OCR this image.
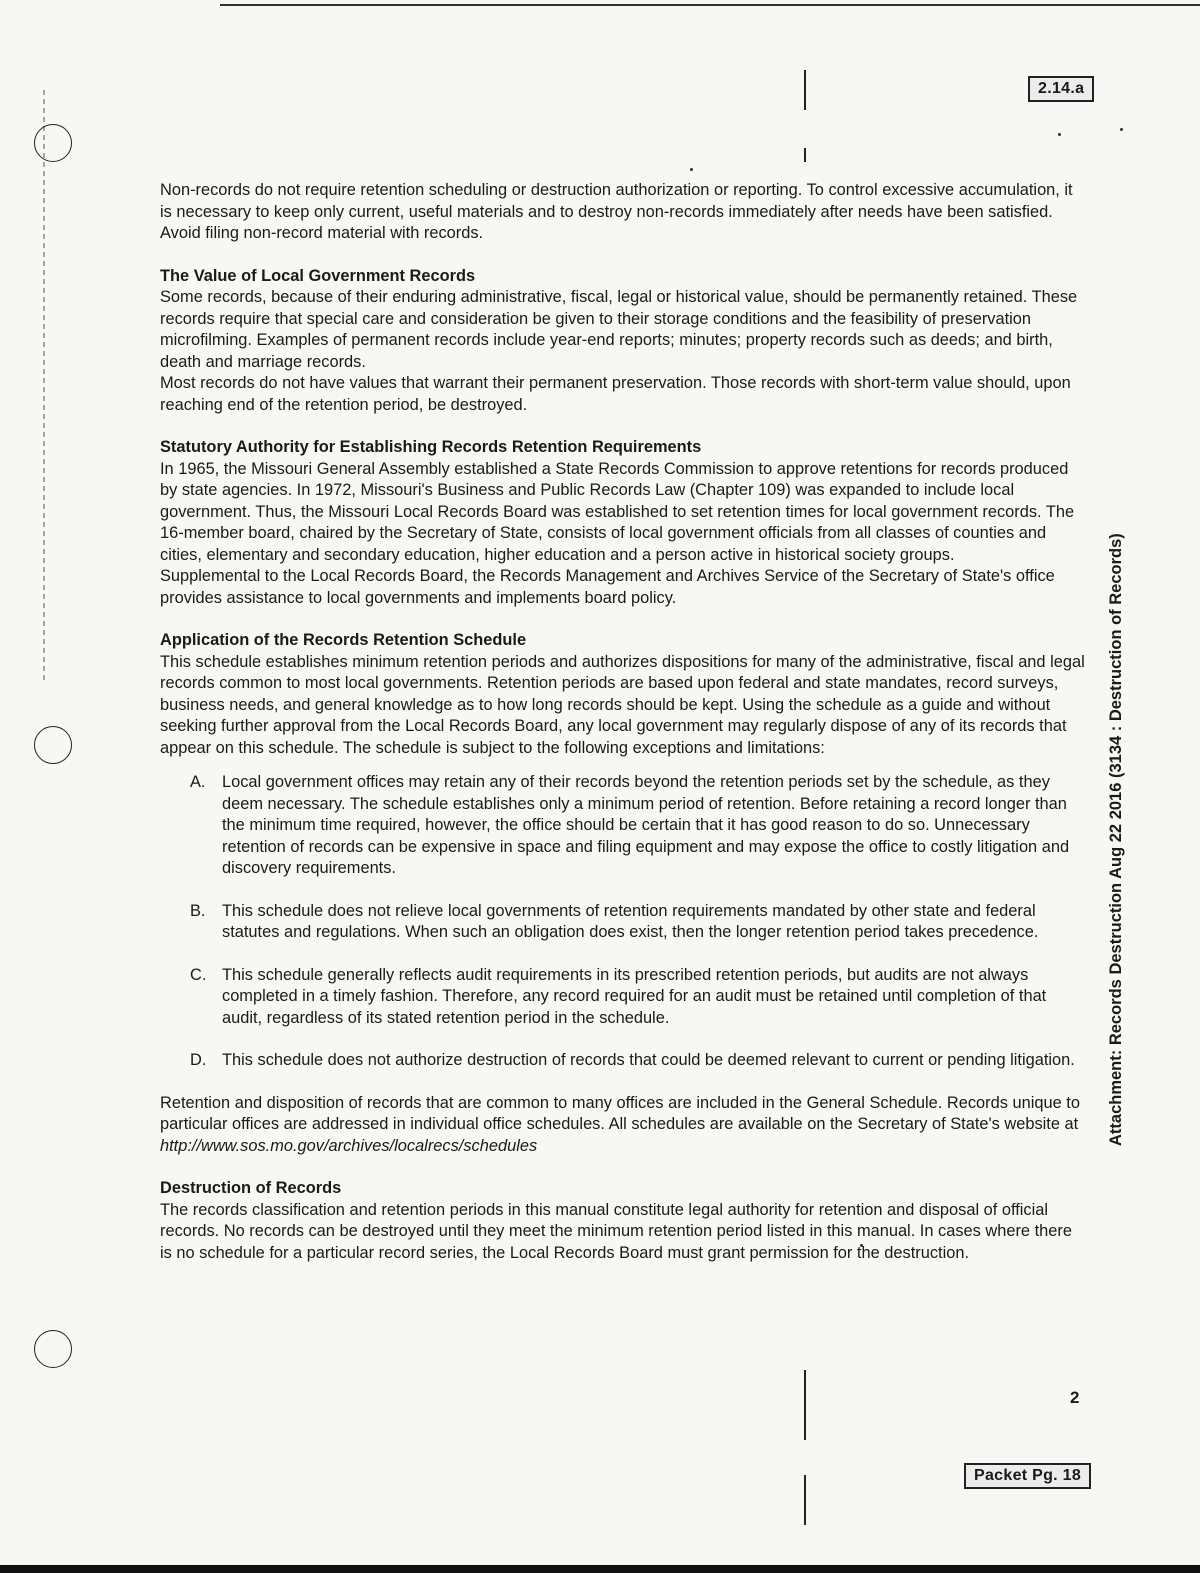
2.14.a
Packet Pg. 18
2
Attachment: Records Destruction Aug 22 2016 (3134 : Destruction of Records)

Non-records do not require retention scheduling or destruction authorization or reporting. To control excessive accumulation, it is necessary to keep only current, useful materials and to destroy non-records immediately after needs have been satisfied. Avoid filing non-record material with records.

The Value of Local Government Records

Some records, because of their enduring administrative, fiscal, legal or historical value, should be permanently retained. These records require that special care and consideration be given to their storage conditions and the feasibility of preservation microfilming. Examples of permanent records include year-end reports; minutes; property records such as deeds; and birth, death and marriage records.

Most records do not have values that warrant their permanent preservation. Those records with short-term value should, upon reaching end of the retention period, be destroyed.

Statutory Authority for Establishing Records Retention Requirements

In 1965, the Missouri General Assembly established a State Records Commission to approve retentions for records produced by state agencies. In 1972, Missouri's Business and Public Records Law (Chapter 109) was expanded to include local government. Thus, the Missouri Local Records Board was established to set retention times for local government records. The 16-member board, chaired by the Secretary of State, consists of local government officials from all classes of counties and cities, elementary and secondary education, higher education and a person active in historical society groups.

Supplemental to the Local Records Board, the Records Management and Archives Service of the Secretary of State's office provides assistance to local governments and implements board policy.

Application of the Records Retention Schedule

This schedule establishes minimum retention periods and authorizes dispositions for many of the administrative, fiscal and legal records common to most local governments. Retention periods are based upon federal and state mandates, record surveys, business needs, and general knowledge as to how long records should be kept. Using the schedule as a guide and without seeking further approval from the Local Records Board, any local government may regularly dispose of any of its records that appear on this schedule. The schedule is subject to the following exceptions and limitations:

A.	Local government offices may retain any of their records beyond the retention periods set by the schedule, as they deem necessary. The schedule establishes only a minimum period of retention. Before retaining a record longer than the minimum time required, however, the office should be certain that it has good reason to do so. Unnecessary retention of records can be expensive in space and filing equipment and may expose the office to costly litigation and discovery requirements.
B.	This schedule does not relieve local governments of retention requirements mandated by other state and federal statutes and regulations. When such an obligation does exist, then the longer retention period takes precedence.
C. This schedule generally reflects audit requirements in its prescribed retention periods, but audits are not always completed in a timely fashion. Therefore, any record required for an audit must be retained until completion of that audit, regardless of its stated retention period in the schedule.
D. This schedule does not authorize destruction of records that could be deemed relevant to current or pending litigation.

Retention and disposition of records that are common to many offices are included in the General Schedule. Records unique to particular offices are addressed in individual office schedules. All schedules are available on the Secretary of State's website at http://www.sos.mo.gov/archives/localrecs/schedules

Destruction of Records

The records classification and retention periods in this manual constitute legal authority for retention and disposal of official records. No records can be destroyed until they meet the minimum retention period listed in this manual. In cases where there is no schedule for a particular record series, the Local Records Board must grant permission for the destruction.
